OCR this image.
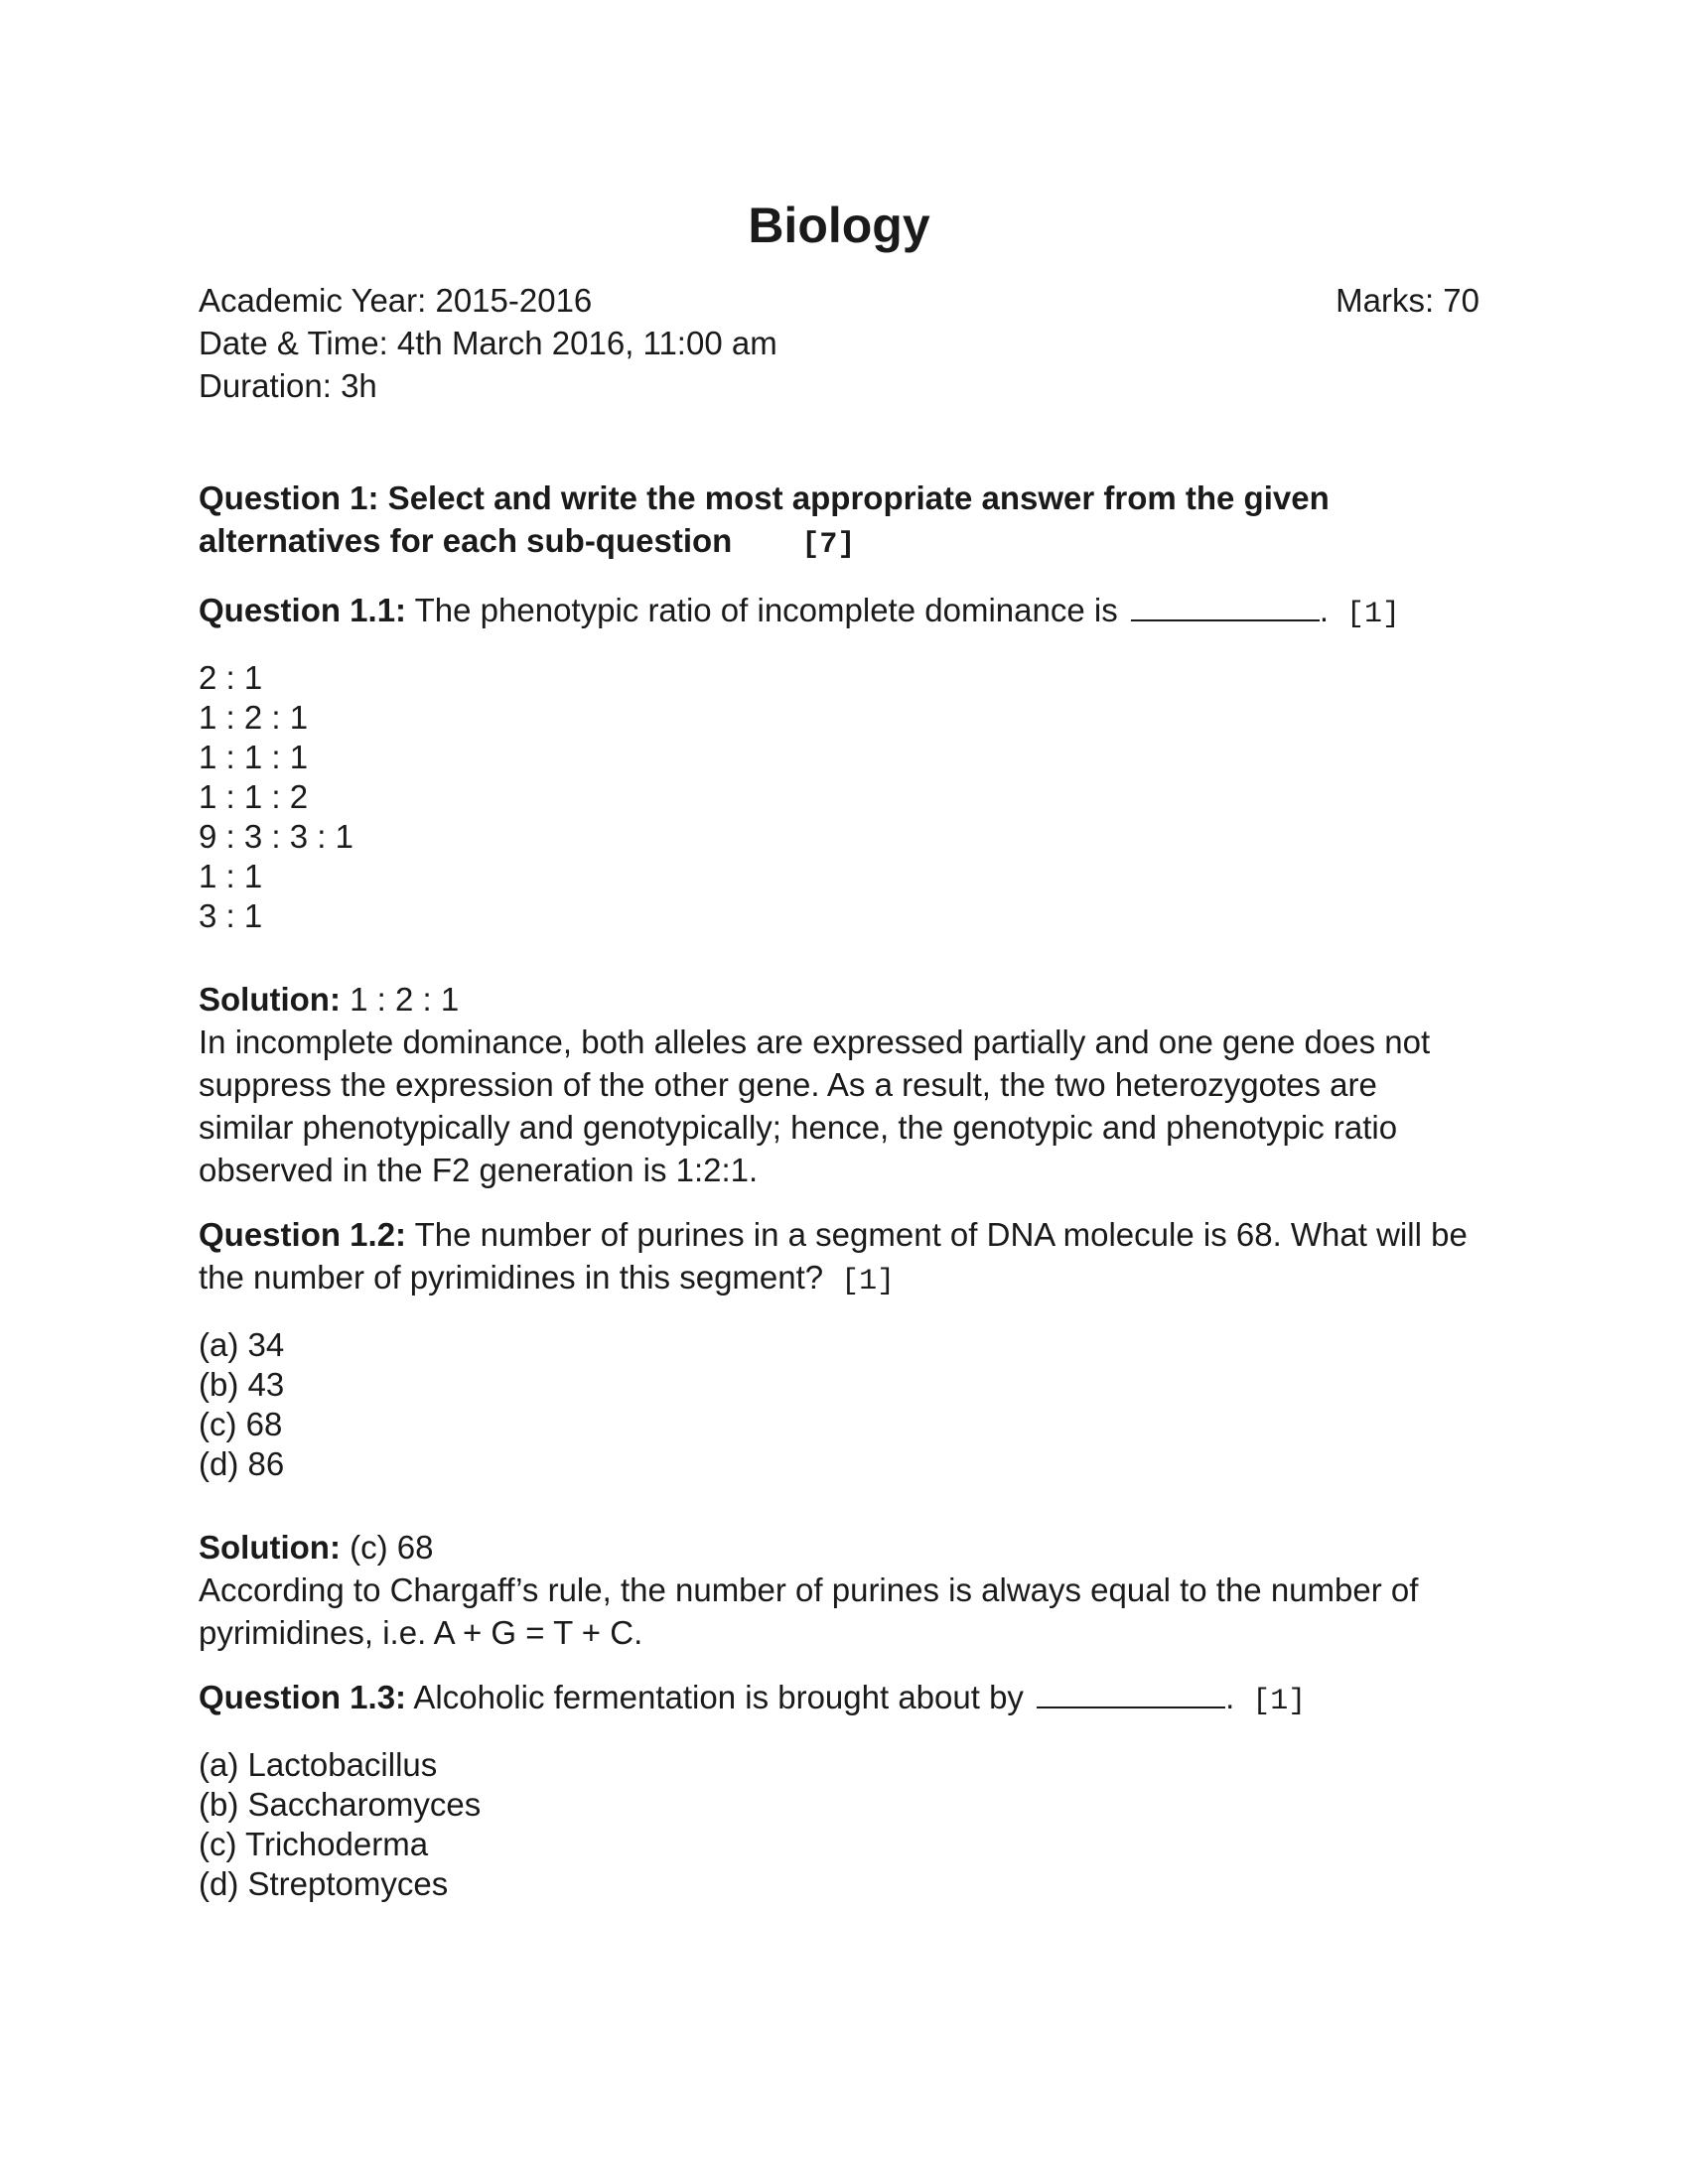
Biology
Academic Year: 2015-2016	Marks: 70
Date & Time: 4th March 2016, 11:00 am
Duration: 3h
Question 1: Select and write the most appropriate answer from the given alternatives for each sub-question [7]
Question 1.1: The phenotypic ratio of incomplete dominance is	. [1]
2 : 1
1 : 2 : 1
1 : 1 : 1
1 : 1 : 2
9 : 3 : 3 : 1
1 : 1
3 : 1
Solution: 1 : 2 : 1
In incomplete dominance, both alleles are expressed partially and one gene does not suppress the expression of the other gene. As a result, the two heterozygotes are similar phenotypically and genotypically; hence, the genotypic and phenotypic ratio observed in the F2 generation is 1:2:1.
Question 1.2: The number of purines in a segment of DNA molecule is 68. What will be the number of pyrimidines in this segment? [1]
(a) 34
(b) 43
(c) 68
(d) 86
Solution: (c) 68
According to Chargaff’s rule, the number of purines is always equal to the number of pyrimidines, i.e. A + G = T + C.
Question 1.3: Alcoholic fermentation is brought about by	. [1]
(a) Lactobacillus
(b) Saccharomyces
(c) Trichoderma
(d) Streptomyces
